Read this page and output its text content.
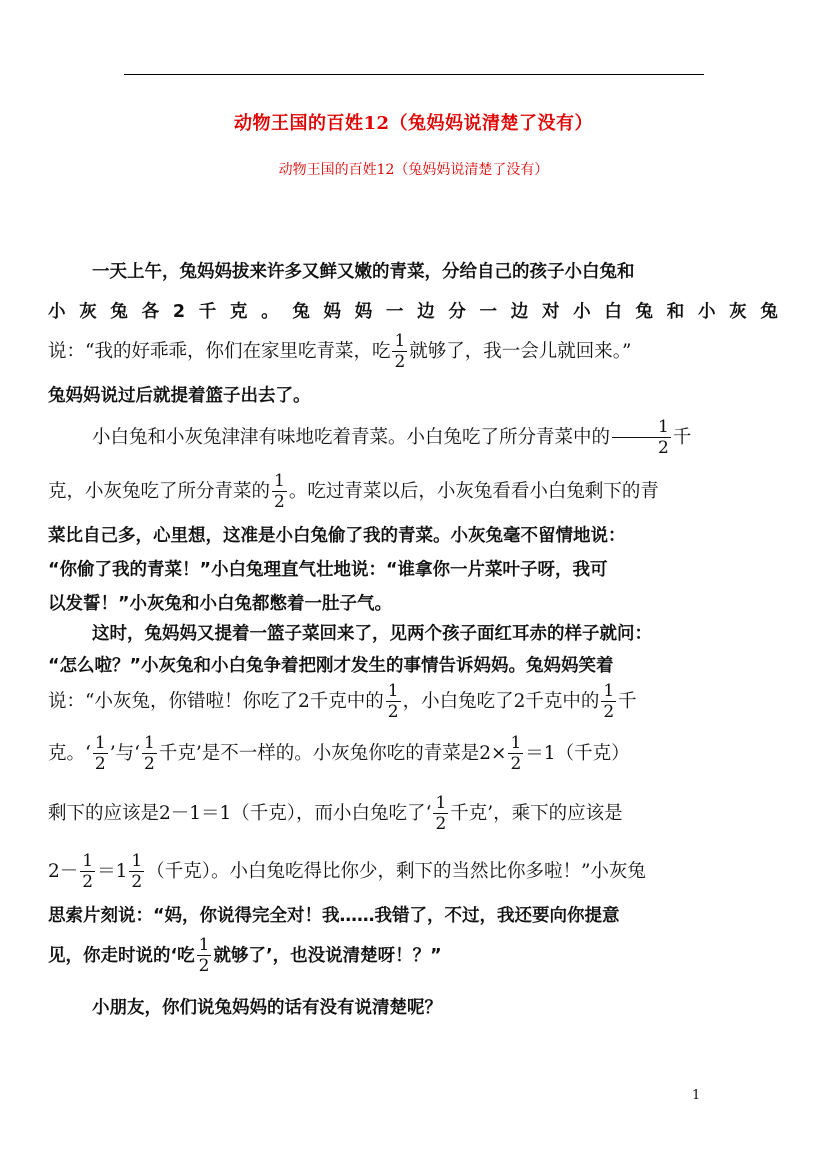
动物王国的百姓12（兔妈妈说清楚了没有）
动物王国的百姓12（兔妈妈说清楚了没有）
一天上午，兔妈妈拔来许多又鲜又嫩的青菜，分给自己的孩子小白兔和
小 灰 兔 各 2 千 克 。 兔 妈 妈 一 边 分 一 边 对 小 白 兔 和 小 灰 兔
说：“我的好乖乖，你们在家里吃青菜，吃 $\frac{1}{2}$ 就够了，我一会儿就回来。”
兔妈妈说过后就提着篮子出去了。
小白兔和小灰兔津津有味地吃着青菜。小白兔吃了所分青菜中的 $\frac{1}{2}$ 千
克，小灰兔吃了所分青菜的 $\frac{1}{2}$ 。吃过青菜以后，小灰兔看看小白兔剩下的青
菜比自己多，心里想，这准是小白兔偷了我的青菜。小灰兔毫不留情地说：
“你偷了我的青菜！”小白兔理直气壮地说：“谁拿你一片菜叶子呀，我可
以发誓！”小灰兔和小白兔都憋着一肚子气。
这时，兔妈妈又提着一篮子菜回来了，见两个孩子面红耳赤的样子就问：
“怎么啦？”小灰兔和小白兔争着把刚才发生的事情告诉妈妈。兔妈妈笑着
说：“小灰兔，你错啦！你吃了2千克中的 $\frac{1}{2}$ ，小白兔吃了2千克中的 $\frac{1}{2}$ 千
克。‘ $\frac{1}{2}$ ’与‘ $\frac{1}{2}$ 千克’是不一样的。小灰兔你吃的青菜是$2\times \frac{1}{2} =1$（千克）
剩下的应该是2－1＝1（千克），而小白兔吃了‘ $\frac{1}{2}$ 千克’，乘下的应该是
$2- \frac{1}{2} =1 \frac{1}{2}$ （千克）。小白兔吃得比你少，剩下的当然比你多啦！”小灰兔
思索片刻说：“妈，你说得完全对！我……我错了，不过，我还要向你提意
见，你走时说的‘吃 $\frac{1}{2}$ 就够了’，也没说清楚呀！？”
小朋友，你们说兔妈妈的话有没有说清楚呢？
1
